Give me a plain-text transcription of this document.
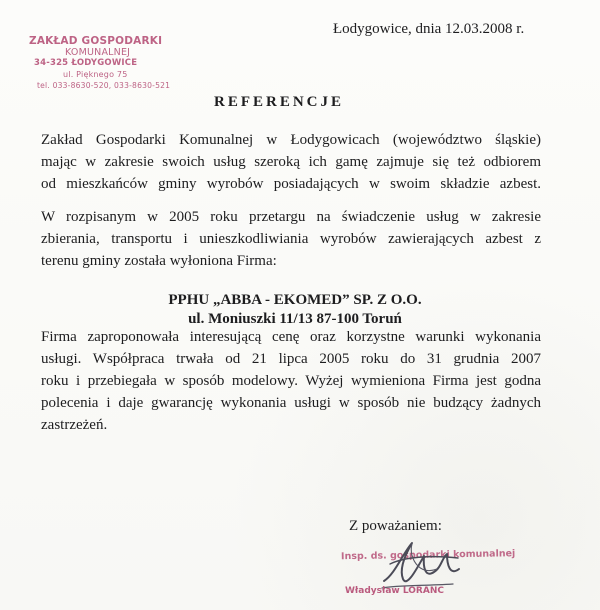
Łodygowice, dnia 12.03.2008 r.
ZAKŁAD GOSPODARKI
KOMUNALNEJ
34-325 ŁODYGOWICE
ul. Pięknego 75
tel. 033-8630-520, 033-8630-521
REFERENCJE
Zakład Gospodarki Komunalnej w Łodygowicach (województwo śląskie)
mając w zakresie swoich usług szeroką ich gamę zajmuje się też odbiorem
od mieszkańców gminy wyrobów posiadających w swoim składzie azbest.
W rozpisanym w 2005 roku przetargu na świadczenie usług w zakresie
zbierania, transportu i unieszkodliwiania wyrobów zawierających azbest z
terenu gminy została wyłoniona Firma:
PPHU „ABBA - EKOMED” SP. Z O.O.
ul. Moniuszki 11/13 87-100 Toruń
Firma zaproponowała interesującą cenę oraz korzystne warunki wykonania
usługi. Współpraca trwała od 21 lipca 2005 roku do 31 grudnia 2007
roku i przebiegała w sposób modelowy. Wyżej wymieniona Firma jest godna
polecenia i daje gwarancję wykonania usługi w sposób nie budzący żadnych
zastrzeżeń.
Z poważaniem:
Insp. ds. gospodarki komunalnej
Władysław LORANC
